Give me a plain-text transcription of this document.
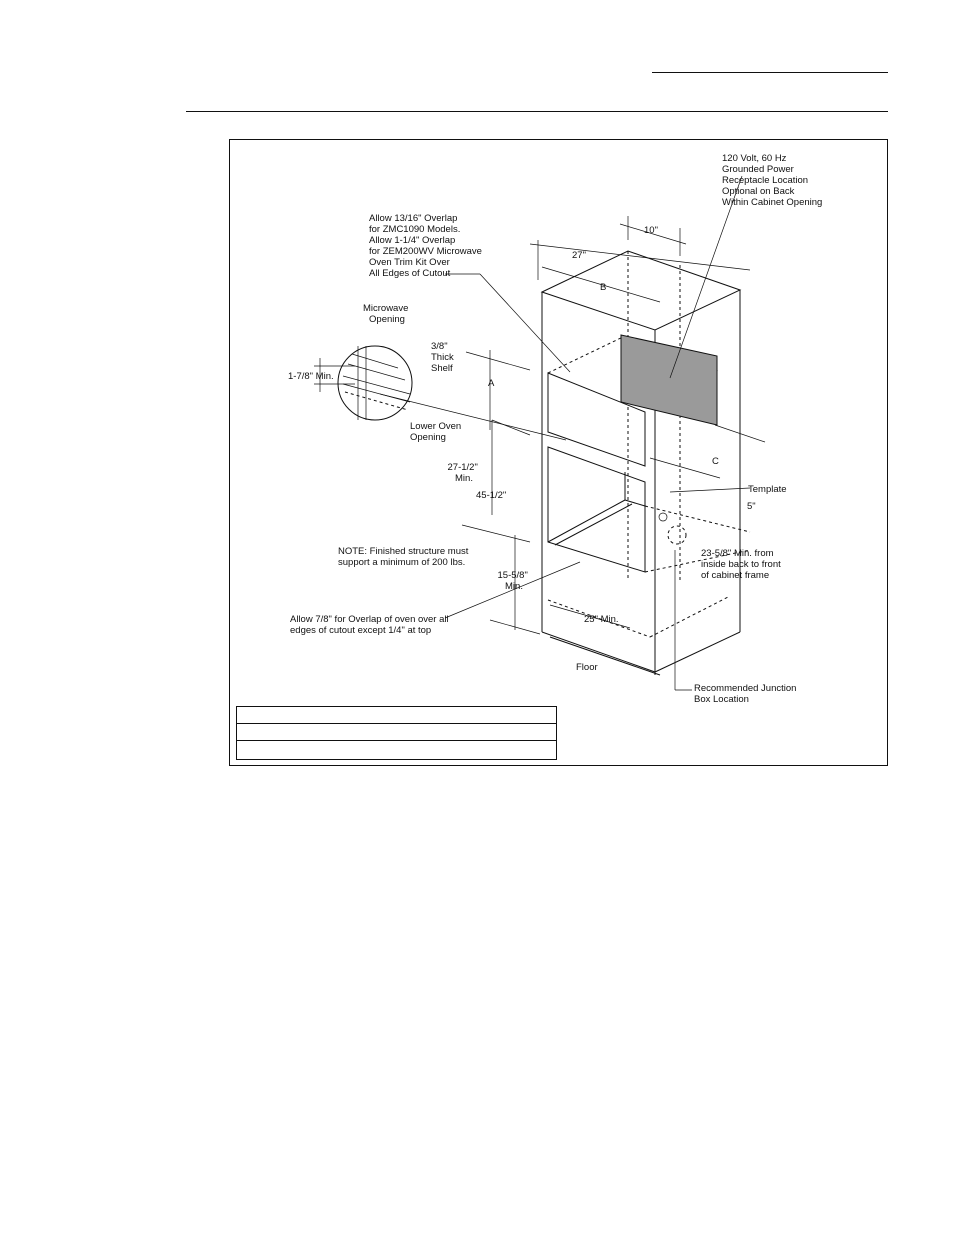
120 Volt, 60 Hz Grounded Power Receptacle Location Optional on Back Within Cabinet Opening
Allow 13/16" Overlap for ZMC1090 Models. Allow 1-1/4" Overlap for ZEM200WV Microwave Oven Trim Kit Over All Edges of Cutout
Microwave Opening
3/8" Thick Shelf
1-7/8" Min.
Lower Oven Opening
NOTE: Finished structure must support a minimum of 200 lbs.
Allow 7/8" for Overlap of oven over all edges of cutout except 1/4" at top
23-5/8" Min. from inside back to front of cabinet frame
Recommended Junction Box Location
10"
27"
B
A
C
27-1/2" Min.
45-1/2"
15-5/8" Min.
25" Min.
5"
Template
Floor
